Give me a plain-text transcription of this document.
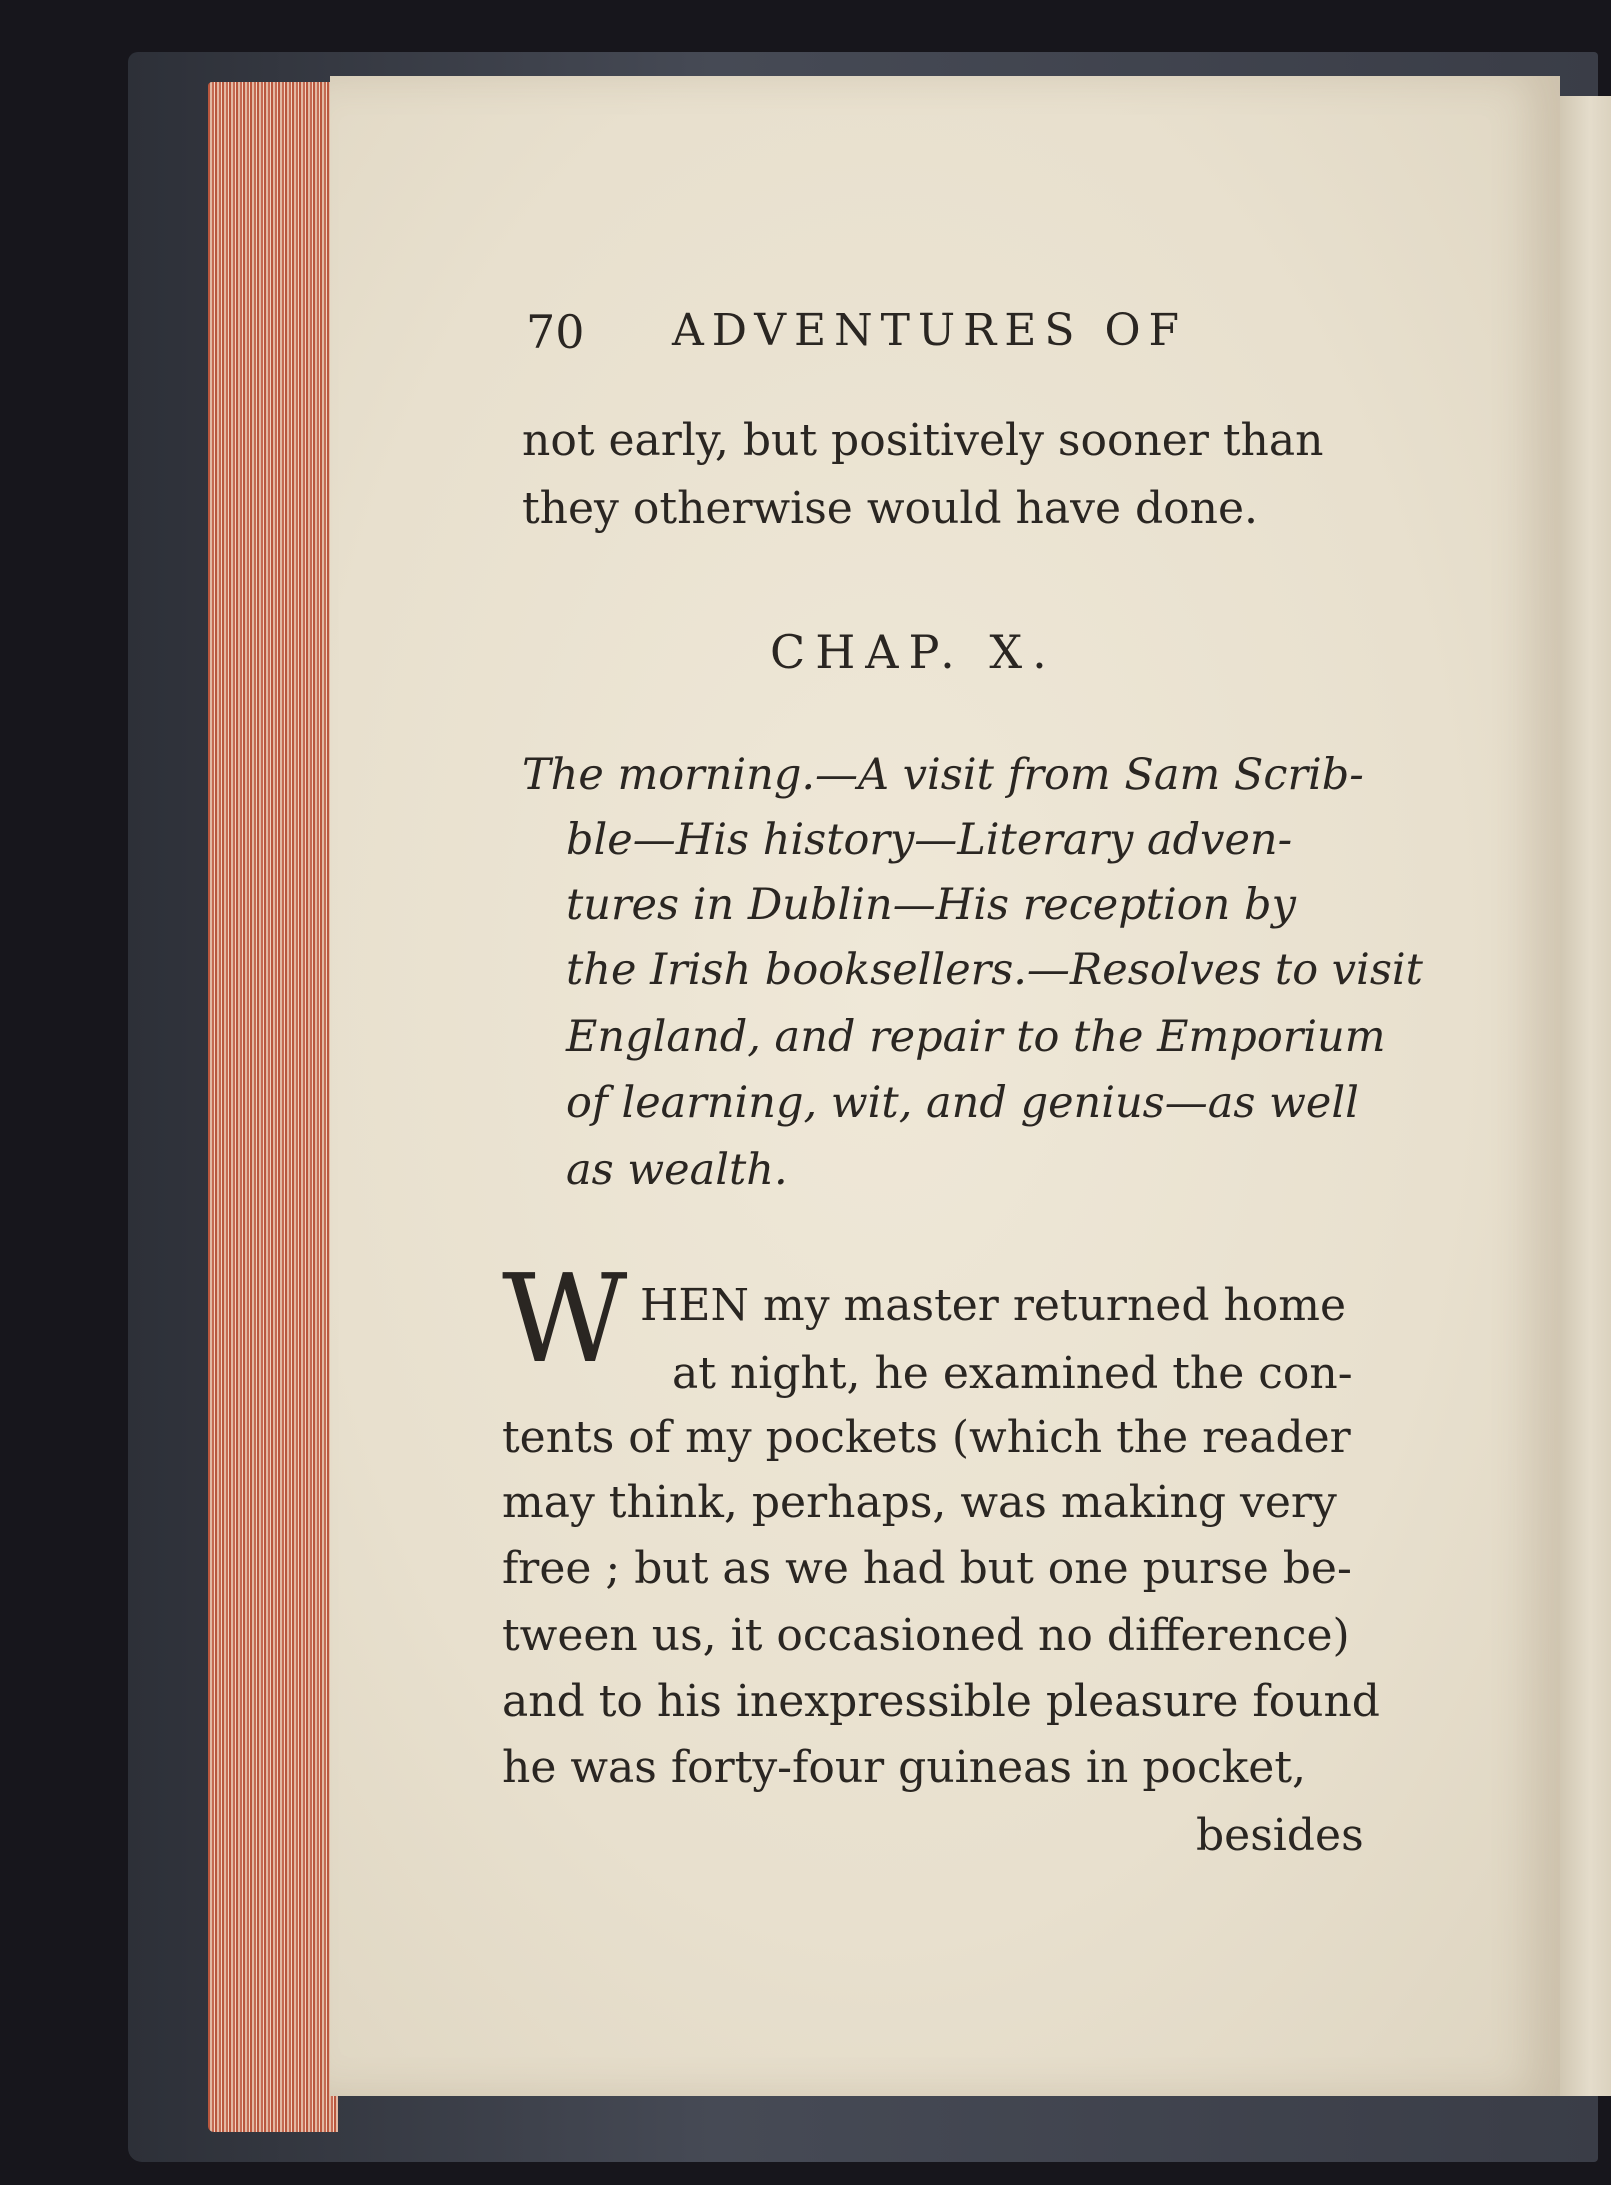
70 ADVENTURES OF
not early, but positively sooner than
they otherwise would have done.
CHAP. X.
The morning.—A visit from Sam Scrib-
ble—His history—Literary adven-
tures in Dublin—His reception by
the Irish booksellers.—Resolves to visit
England, and repair to the Emporium
of learning, wit, and genius—as well
as wealth.
W HEN my master returned home
at night, he examined the con-
tents of my pockets (which the reader
may think, perhaps, was making very
free ; but as we had but one purse be-
tween us, it occasioned no difference)
and to his inexpressible pleasure found
he was forty-four guineas in pocket,
besides
